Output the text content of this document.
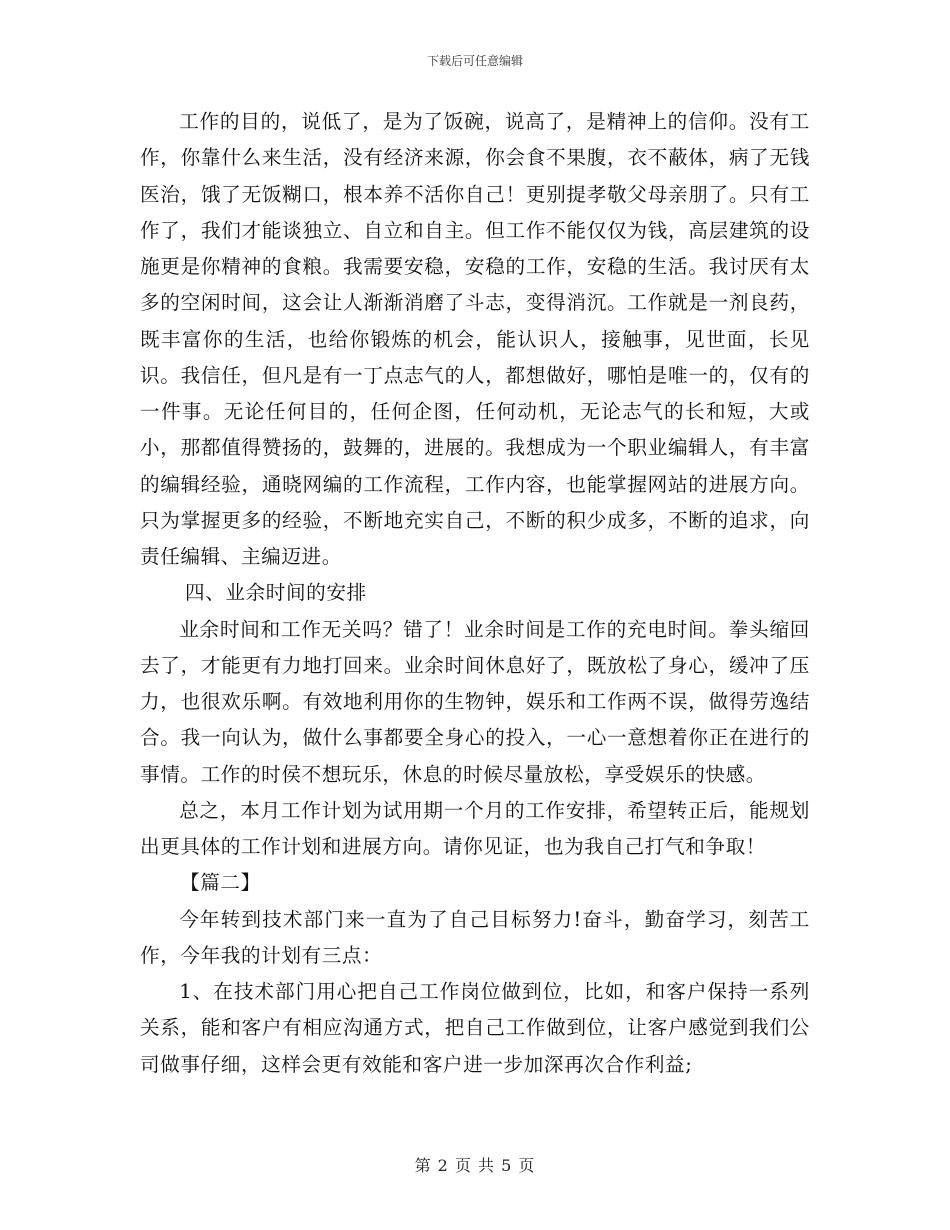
下载后可任意编辑

工作的目的，说低了，是为了饭碗，说高了，是精神上的信仰。没有工作，你靠什么来生活，没有经济来源，你会食不果腹，衣不蔽体，病了无钱医治，饿了无饭糊口，根本养不活你自己！更别提孝敬父母亲朋了。只有工作了，我们才能谈独立、自立和自主。但工作不能仅仅为钱，高层建筑的设施更是你精神的食粮。我需要安稳，安稳的工作，安稳的生活。我讨厌有太多的空闲时间，这会让人渐渐消磨了斗志，变得消沉。工作就是一剂良药，既丰富你的生活，也给你锻炼的机会，能认识人，接触事，见世面，长见识。我信任，但凡是有一丁点志气的人，都想做好，哪怕是唯一的，仅有的一件事。无论任何目的，任何企图，任何动机，无论志气的长和短，大或小，那都值得赞扬的，鼓舞的，进展的。我想成为一个职业编辑人，有丰富的编辑经验，通晓网编的工作流程，工作内容，也能掌握网站的进展方向。只为掌握更多的经验，不断地充实自己，不断的积少成多，不断的追求，向责任编辑、主编迈进。

四、业余时间的安排

业余时间和工作无关吗？错了！业余时间是工作的充电时间。拳头缩回去了，才能更有力地打回来。业余时间休息好了，既放松了身心，缓冲了压力，也很欢乐啊。有效地利用你的生物钟，娱乐和工作两不误，做得劳逸结合。我一向认为，做什么事都要全身心的投入，一心一意想着你正在进行的事情。工作的时侯不想玩乐，休息的时候尽量放松，享受娱乐的快感。

总之，本月工作计划为试用期一个月的工作安排，希望转正后，能规划出更具体的工作计划和进展方向。请你见证，也为我自己打气和争取！

【篇二】

今年转到技术部门来一直为了自己目标努力!奋斗，勤奋学习，刻苦工作，今年我的计划有三点：

1、在技术部门用心把自己工作岗位做到位，比如，和客户保持一系列关系，能和客户有相应沟通方式，把自己工作做到位，让客户感觉到我们公司做事仔细，这样会更有效能和客户进一步加深再次合作利益;

第 2 页 共 5 页
